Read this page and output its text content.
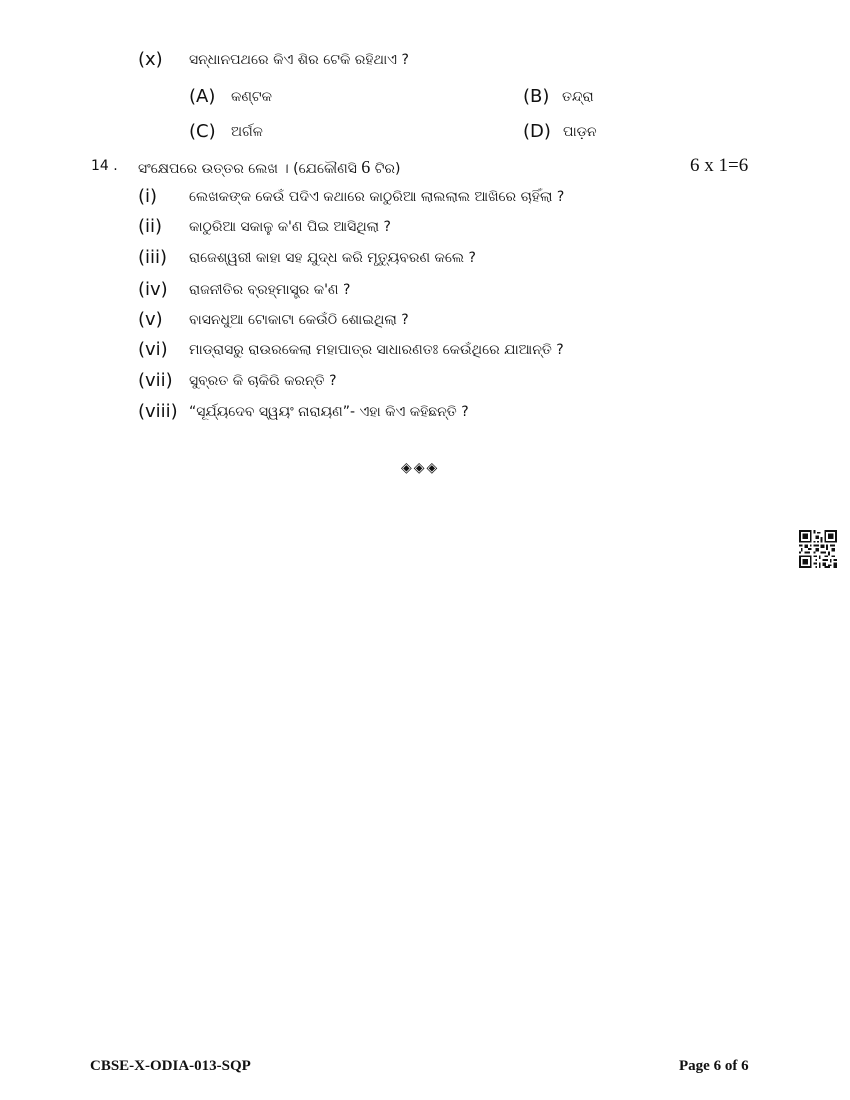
(x) ସନ୍ଧାନପଥରେ କିଏ ଶିର ଟେକି ରହିଥାଏ ?
(A) କଣ୍ଟକ	(B) ତନ୍ଦ୍ରା
(C) ଅର୍ଗଳ	(D) ପାଡ଼ନ
14 . ସଂକ୍ଷେପରେ ଉତ୍ତର ଲେଖ । (ଯେକୌଣସି 6 ଟିର)	6 x 1=6
(i) ଲେଖକଙ୍କ କେଉଁ ପଦିଏ କଥାରେ କାଠୁରିଆ ଲାଲଲାଲ ଆଖିରେ ଚାହିଁଲା ?
(ii) କାଠୁରିଆ ସକାଳୁ କ'ଣ ପିଇ ଆସିଥିଲା ?
(iii) ରାଜେଶ୍ୱରୀ କାହା ସହ ଯୁଦ୍ଧ କରି ମୃତ୍ୟୁବରଣ କଲେ ?
(iv) ରାଜନୀତିର ବ୍ରହ୍ମାସ୍ତ୍ର କ'ଣ ?
(v) ବାସନଧୁଆ ଟୋକାଟା କେଉଁଠି ଶୋଇଥିଲା ?
(vi) ମାଡ୍ରାସରୁ ରାଉରକେଲା ମହାପାତ୍ର ସାଧାରଣତଃ କେଉଁଥିରେ ଯାଆନ୍ତି ?
(vii) ସୁବ୍ରତ କି ଚାକିରି କରନ୍ତି ?
(viii) “ସୂର୍ଯ୍ୟଦେବ ସ୍ୱୟଂ ନାରାୟଣ”- ଏହା କିଏ କହିଛନ୍ତି ?
◈◈◈
CBSE-X-ODIA-013-SQP	Page 6 of 6
